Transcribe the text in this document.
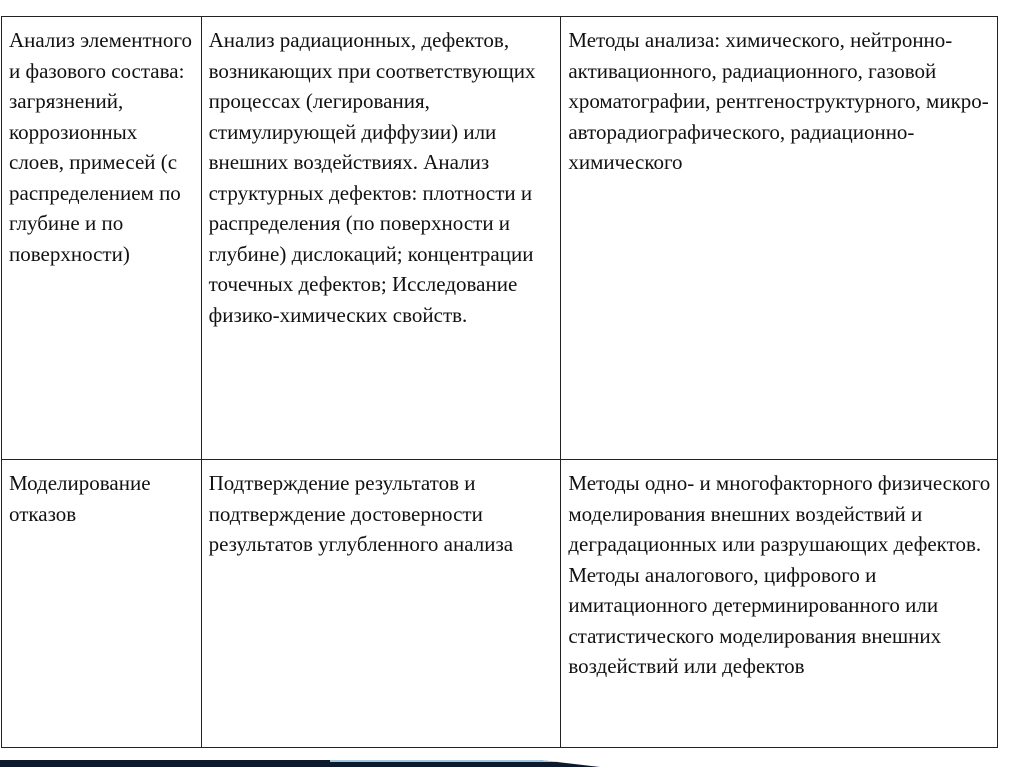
Анализ элементного и фазового состава: загрязнений, коррозионных слоев, примесей (с распределением по глубине и по поверхности)	Анализ радиационных, дефектов, возникающих при соответствующих процессах (легирования, стимулирующей диффузии) или внешних воздействиях. Анализ структурных дефектов: плотности и распределения (по поверхности и глубине) дислокаций; концентрации точечных дефектов; Исследование физико-химических свойств.	Методы анализа: химического, нейтронно-активационного, радиационного, газовой хроматографии, рентгеноструктурного, микро-авторадиографического, радиационно-химического

Моделирование отказов	Подтверждение результатов и подтверждение достоверности результатов углубленного анализа	Методы одно- и многофакторного физического моделирования внешних воздействий и деградационных или разрушающих дефектов. Методы аналогового, цифрового и имитационного детерминированного или статистического моделирования внешних воздействий или дефектов
